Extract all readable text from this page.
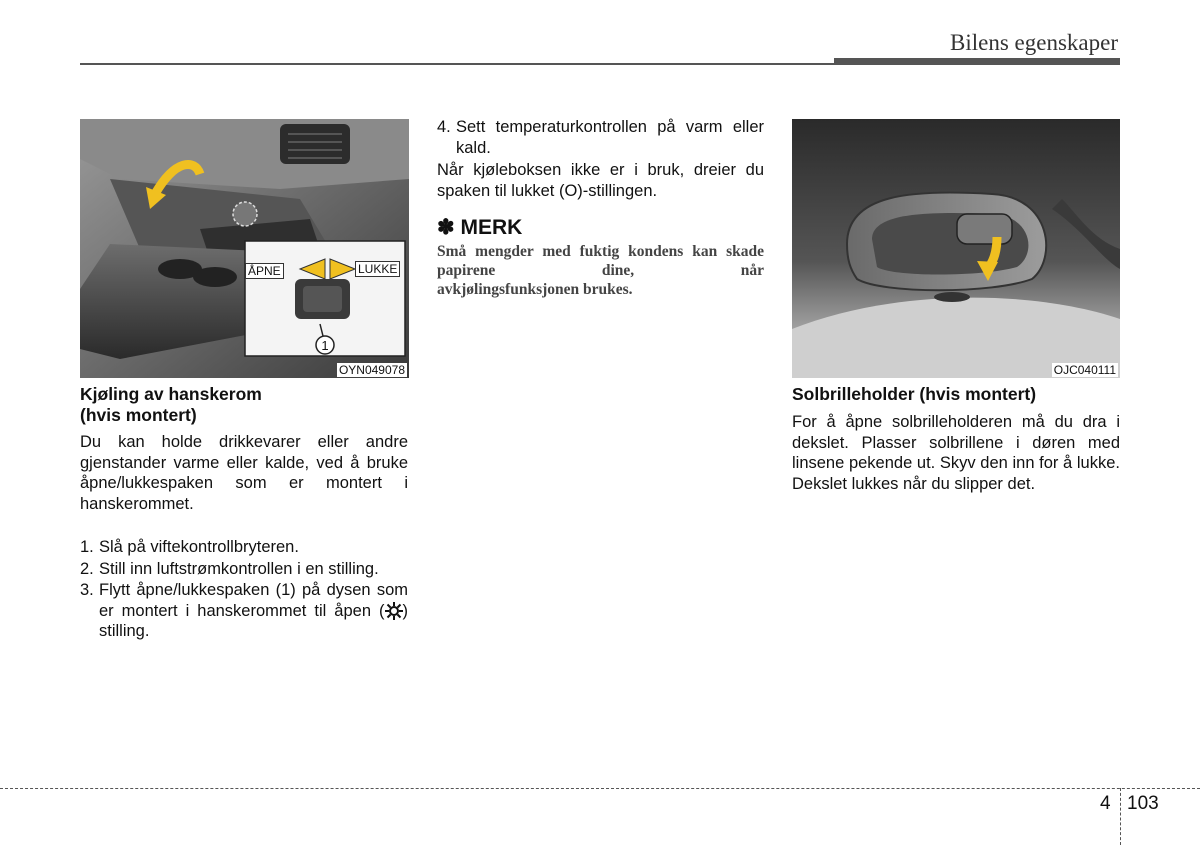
Bilens egenskaper
1
ÅPNE	LUKKE
OYN049078
Kjøling av hanskerom
(hvis montert)
Du kan holde drikkevarer eller andre gjenstander varme eller kalde, ved å bruke åpne/lukkespaken som er montert i hanskerommet.
1. Slå på viftekontrollbryteren.
2. Still inn luftstrømkontrollen i en stilling.
3. Flytt åpne/lukkespaken (1) på dysen som er montert i hanskerommet til åpen ( ) stilling.
4. Sett temperaturkontrollen på varm eller kald.
Når kjøleboksen ikke er i bruk, dreier du spaken til lukket (O)-stillingen.
✽ MERK
Små mengder med fuktig kondens kan skade papirene dine, når
avkjølingsfunksjonen brukes.
OJC040111
Solbrilleholder (hvis montert)
For å åpne solbrilleholderen må du dra i dekslet. Plasser solbrillene i døren med linsene pekende ut. Skyv den inn for å lukke. Dekslet lukkes når du slipper det.
4 103
